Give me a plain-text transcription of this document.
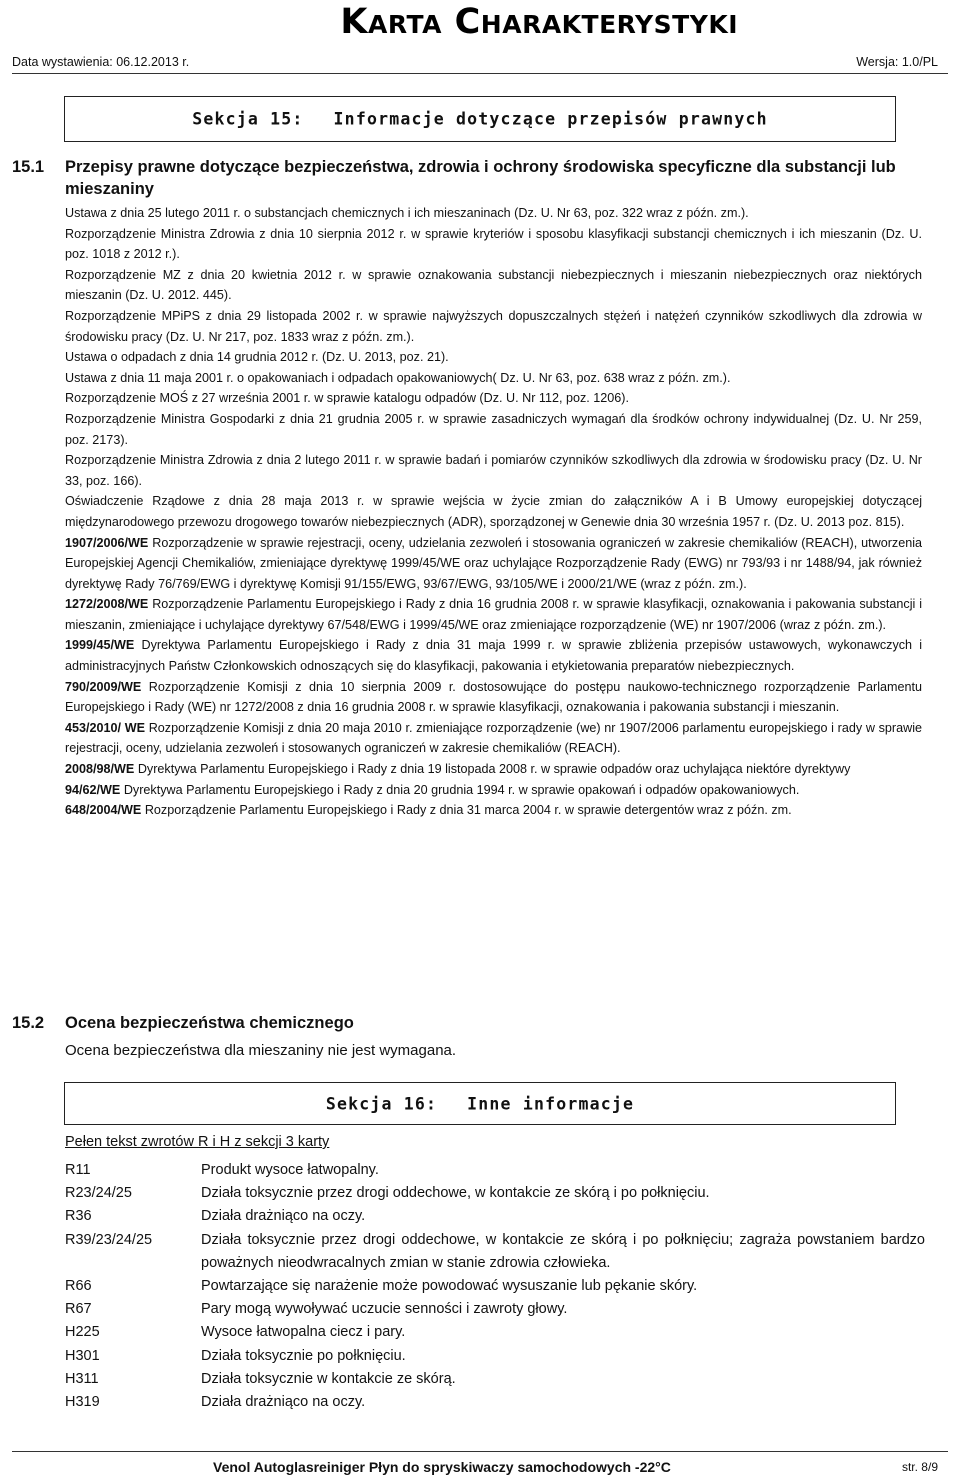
KARTA CHARAKTERYSTYKI
Data wystawienia: 06.12.2013 r.	Wersja: 1.0/PL
Sekcja 15: Informacje dotyczące przepisów prawnych
15.1 Przepisy prawne dotyczące bezpieczeństwa, zdrowia i ochrony środowiska specyficzne dla substancji lub mieszaniny

Ustawa z dnia 25 lutego 2011 r. o substancjach chemicznych i ich mieszaninach (Dz. U. Nr 63, poz. 322 wraz z późn. zm.).

Rozporządzenie Ministra Zdrowia z dnia 10 sierpnia 2012 r. w sprawie kryteriów i sposobu klasyfikacji substancji chemicznych i ich mieszanin (Dz. U. poz. 1018 z 2012 r.).

Rozporządzenie MZ z dnia 20 kwietnia 2012 r. w sprawie oznakowania substancji niebezpiecznych i mieszanin niebezpiecznych oraz niektórych mieszanin (Dz. U. 2012. 445).

Rozporządzenie MPiPS z dnia 29 listopada 2002 r. w sprawie najwyższych dopuszczalnych stężeń i natężeń czynników szkodliwych dla zdrowia w środowisku pracy (Dz. U. Nr 217, poz. 1833 wraz z późn. zm.).

Ustawa o odpadach z dnia 14 grudnia 2012 r. (Dz. U. 2013, poz. 21).

Ustawa z dnia 11 maja 2001 r. o opakowaniach i odpadach opakowaniowych( Dz. U. Nr 63, poz. 638 wraz z późn. zm.).

Rozporządzenie MOŚ z 27 września 2001 r. w sprawie katalogu odpadów (Dz. U. Nr 112, poz. 1206).

Rozporządzenie Ministra Gospodarki z dnia 21 grudnia 2005 r. w sprawie zasadniczych wymagań dla środków ochrony indywidualnej (Dz. U. Nr 259, poz. 2173).

Rozporządzenie Ministra Zdrowia z dnia 2 lutego 2011 r. w sprawie badań i pomiarów czynników szkodliwych dla zdrowia w środowisku pracy (Dz. U. Nr 33, poz. 166).

Oświadczenie Rządowe z dnia 28 maja 2013 r. w sprawie wejścia w życie zmian do załączników A i B Umowy europejskiej dotyczącej międzynarodowego przewozu drogowego towarów niebezpiecznych (ADR), sporządzonej w Genewie dnia 30 września 1957 r. (Dz. U. 2013 poz. 815).

1907/2006/WE Rozporządzenie w sprawie rejestracji, oceny, udzielania zezwoleń i stosowania ograniczeń w zakresie chemikaliów (REACH), utworzenia Europejskiej Agencji Chemikaliów, zmieniające dyrektywę 1999/45/WE oraz uchylające Rozporządzenie Rady (EWG) nr 793/93 i nr 1488/94, jak również dyrektywę Rady 76/769/EWG i dyrektywę Komisji 91/155/EWG, 93/67/EWG, 93/105/WE i 2000/21/WE (wraz z późn. zm.).

1272/2008/WE Rozporządzenie Parlamentu Europejskiego i Rady z dnia 16 grudnia 2008 r. w sprawie klasyfikacji, oznakowania i pakowania substancji i mieszanin, zmieniające i uchylające dyrektywy 67/548/EWG i 1999/45/WE oraz zmieniające rozporządzenie (WE) nr 1907/2006 (wraz z późn. zm.).

1999/45/WE Dyrektywa Parlamentu Europejskiego i Rady z dnia 31 maja 1999 r. w sprawie zbliżenia przepisów ustawowych, wykonawczych i administracyjnych Państw Członkowskich odnoszących się do klasyfikacji, pakowania i etykietowania preparatów niebezpiecznych.

790/2009/WE Rozporządzenie Komisji z dnia 10 sierpnia 2009 r. dostosowujące do postępu naukowo-technicznego rozporządzenie Parlamentu Europejskiego i Rady (WE) nr 1272/2008 z dnia 16 grudnia 2008 r. w sprawie klasyfikacji, oznakowania i pakowania substancji i mieszanin.

453/2010/ WE Rozporządzenie Komisji z dnia 20 maja 2010 r. zmieniające rozporządzenie (we) nr 1907/2006 parlamentu europejskiego i rady w sprawie rejestracji, oceny, udzielania zezwoleń i stosowanych ograniczeń w zakresie chemikaliów (REACH).

2008/98/WE Dyrektywa Parlamentu Europejskiego i Rady z dnia 19 listopada 2008 r. w sprawie odpadów oraz uchylająca niektóre dyrektywy

94/62/WE Dyrektywa Parlamentu Europejskiego i Rady z dnia 20 grudnia 1994 r. w sprawie opakowań i odpadów opakowaniowych.

648/2004/WE Rozporządzenie Parlamentu Europejskiego i Rady z dnia 31 marca 2004 r. w sprawie detergentów wraz z późn. zm.

15.2 Ocena bezpieczeństwa chemicznego
Ocena bezpieczeństwa dla mieszaniny nie jest wymagana.
Sekcja 16: Inne informacje
Pełen tekst zwrotów R i H z sekcji 3 karty
R11	Produkt wysoce łatwopalny.
R23/24/25	Działa toksycznie przez drogi oddechowe, w kontakcie ze skórą i po połknięciu.
R36	Działa drażniąco na oczy.
R39/23/24/25	Działa toksycznie przez drogi oddechowe, w kontakcie ze skórą i po połknięciu; zagraża powstaniem bardzo poważnych nieodwracalnych zmian w stanie zdrowia człowieka.
R66	Powtarzające się narażenie może powodować wysuszanie lub pękanie skóry.
R67	Pary mogą wywoływać uczucie senności i zawroty głowy.
H225	Wysoce łatwopalna ciecz i pary.
H301	Działa toksycznie po połknięciu.
H311	Działa toksycznie w kontakcie ze skórą.
H319	Działa drażniąco na oczy.
Venol Autoglasreiniger Płyn do spryskiwaczy samochodowych -22°C	str. 8/9
